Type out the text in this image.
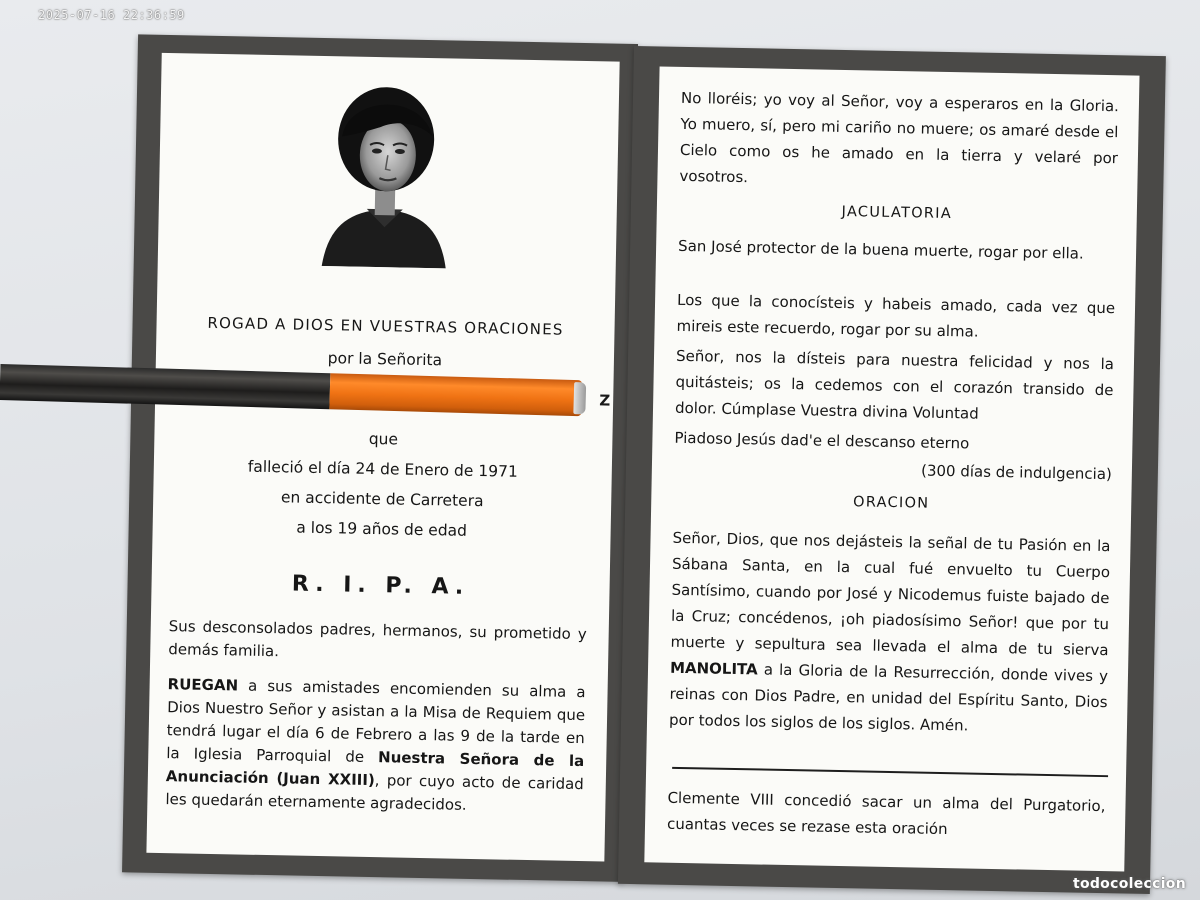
2025-07-16 22:36:59
ROGAD A DIOS EN VUESTRAS ORACIONES
por la Señorita
Z
que
falleció el día 24 de Enero de 1971
en accidente de Carretera
a los 19 años de edad
R. I. P. A.
Sus desconsolados padres, hermanos, su prometido y demás familia.
RUEGAN a sus amistades encomienden su alma a Dios Nuestro Señor y asistan a la Misa de Requiem que tendrá lugar el día 6 de Febrero a las 9 de la tarde en la Iglesia Parroquial de Nuestra Señora de la Anunciación (Juan XXIII), por cuyo acto de caridad les quedarán eternamente agradecidos.
No lloréis; yo voy al Señor, voy a esperaros en la Gloria. Yo muero, sí, pero mi cariño no muere; os amaré desde el Cielo como os he amado en la tierra y velaré por vosotros.
JACULATORIA
San José protector de la buena muerte, rogar por ella.
Los que la conocísteis y habeis amado, cada vez que mireis este recuerdo, rogar por su alma.
Señor, nos la dísteis para nuestra felicidad y nos la quitásteis; os la cedemos con el corazón transido de dolor. Cúmplase Vuestra divina Voluntad
Piadoso Jesús dad'e el descanso eterno
(300 días de indulgencia)
ORACION
Señor, Dios, que nos dejásteis la señal de tu Pasión en la Sábana Santa, en la cual fué envuelto tu Cuerpo Santísimo, cuando por José y Nicodemus fuiste bajado de la Cruz; concédenos, ¡oh piadosísimo Señor! que por tu muerte y sepultura sea llevada el alma de tu sierva MANOLITA a la Gloria de la Resurrección, donde vives y reinas con Dios Padre, en unidad del Espíritu Santo, Dios por todos los siglos de los siglos. Amén.
Clemente VIII concedió sacar un alma del Purgatorio, cuantas veces se rezase esta oración
todocoleccion
